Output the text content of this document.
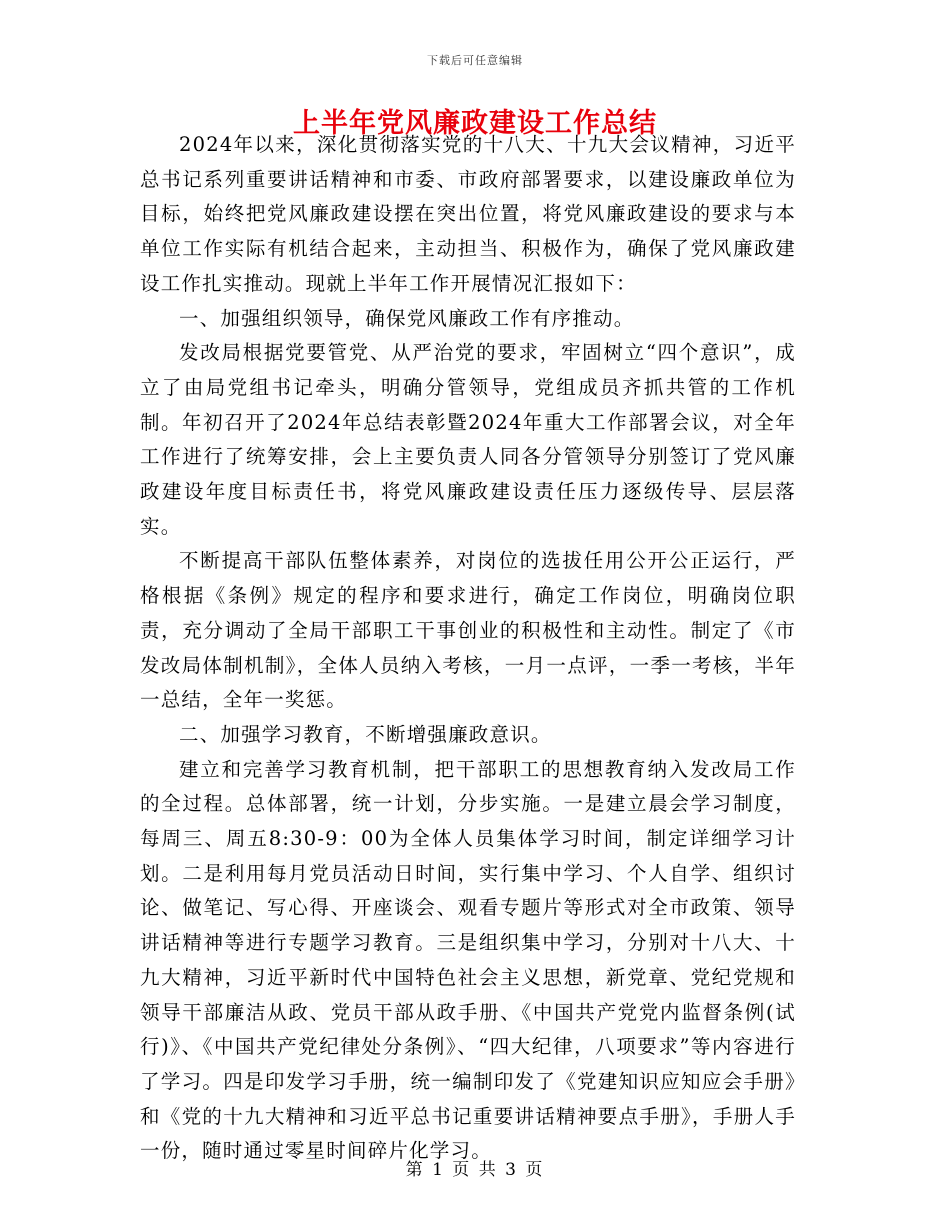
下载后可任意编辑
上半年党风廉政建设工作总结

2024年以来，深化贯彻落实党的十八大、十九大会议精神，习近平总书记系列重要讲话精神和市委、市政府部署要求，以建设廉政单位为目标，始终把党风廉政建设摆在突出位置，将党风廉政建设的要求与本单位工作实际有机结合起来，主动担当、积极作为，确保了党风廉政建设工作扎实推动。现就上半年工作开展情况汇报如下：

一、加强组织领导，确保党风廉政工作有序推动。

发改局根据党要管党、从严治党的要求，牢固树立“四个意识”，成立了由局党组书记牵头，明确分管领导，党组成员齐抓共管的工作机制。年初召开了2024年总结表彰暨2024年重大工作部署会议，对全年工作进行了统筹安排，会上主要负责人同各分管领导分别签订了党风廉政建设年度目标责任书，将党风廉政建设责任压力逐级传导、层层落实。

不断提高干部队伍整体素养，对岗位的选拔任用公开公正运行，严格根据《条例》规定的程序和要求进行，确定工作岗位，明确岗位职责，充分调动了全局干部职工干事创业的积极性和主动性。制定了《市发改局体制机制》，全体人员纳入考核，一月一点评，一季一考核，半年一总结，全年一奖惩。

二、加强学习教育，不断增强廉政意识。

建立和完善学习教育机制，把干部职工的思想教育纳入发改局工作的全过程。总体部署，统一计划，分步实施。一是建立晨会学习制度，每周三、周五8:30-9：00为全体人员集体学习时间，制定详细学习计划。二是利用每月党员活动日时间，实行集中学习、个人自学、组织讨论、做笔记、写心得、开座谈会、观看专题片等形式对全市政策、领导讲话精神等进行专题学习教育。三是组织集中学习，分别对十八大、十九大精神，习近平新时代中国特色社会主义思想，新党章、党纪党规和领导干部廉洁从政、党员干部从政手册、《中国共产党党内监督条例(试行)》、《中国共产党纪律处分条例》、“四大纪律，八项要求”等内容进行了学习。四是印发学习手册，统一编制印发了《党建知识应知应会手册》和《党的十九大精神和习近平总书记重要讲话精神要点手册》，手册人手一份，随时通过零星时间碎片化学习。

第 1 页 共 3 页
